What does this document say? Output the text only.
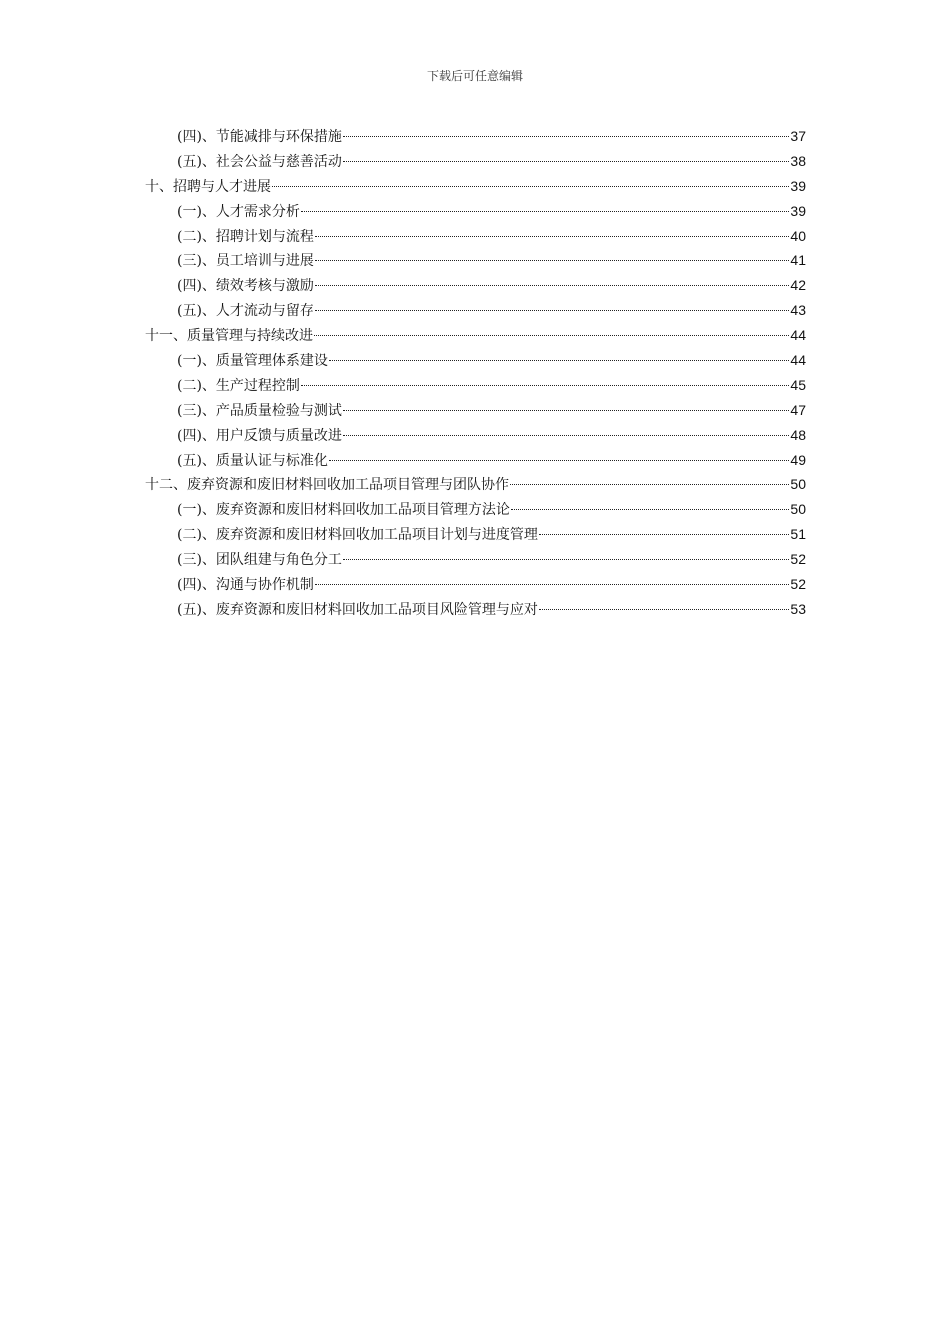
下载后可任意编辑
(四)、节能减排与环保措施	37
(五)、社会公益与慈善活动	38
十、招聘与人才进展	39
(一)、人才需求分析	39
(二)、招聘计划与流程	40
(三)、员工培训与进展	41
(四)、绩效考核与激励	42
(五)、人才流动与留存	43
十一、质量管理与持续改进	44
(一)、质量管理体系建设	44
(二)、生产过程控制	45
(三)、产品质量检验与测试	47
(四)、用户反馈与质量改进	48
(五)、质量认证与标准化	49
十二、废弃资源和废旧材料回收加工品项目管理与团队协作	50
(一)、废弃资源和废旧材料回收加工品项目管理方法论	50
(二)、废弃资源和废旧材料回收加工品项目计划与进度管理	51
(三)、团队组建与角色分工	52
(四)、沟通与协作机制	52
(五)、废弃资源和废旧材料回收加工品项目风险管理与应对	53
